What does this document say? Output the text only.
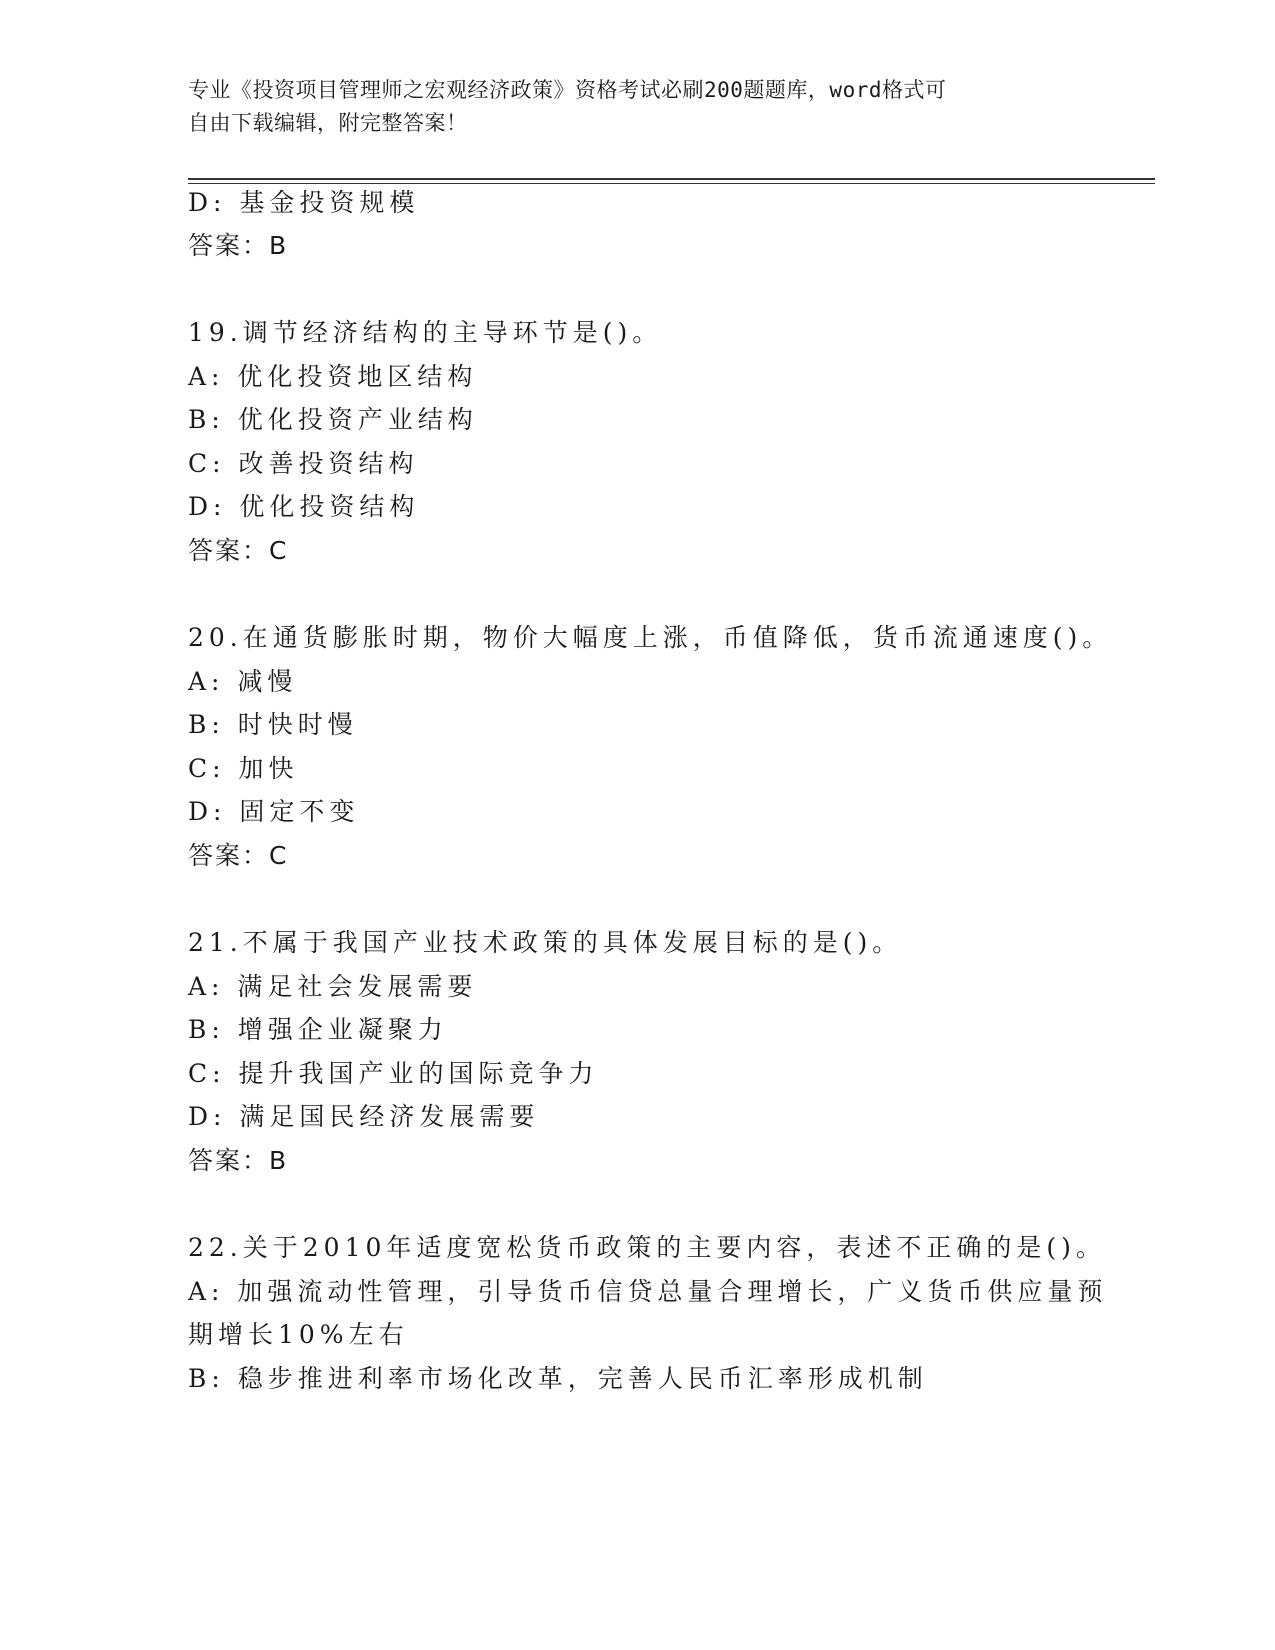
专业《投资项目管理师之宏观经济政策》资格考试必刷200题题库，word格式可
自由下载编辑，附完整答案！
D: 基金投资规模
答案：B
19.调节经济结构的主导环节是()。
A: 优化投资地区结构
B: 优化投资产业结构
C: 改善投资结构
D: 优化投资结构
答案：C
20.在通货膨胀时期，物价大幅度上涨，币值降低，货币流通速度()。
A: 减慢
B: 时快时慢
C: 加快
D: 固定不变
答案：C
21.不属于我国产业技术政策的具体发展目标的是()。
A: 满足社会发展需要
B: 增强企业凝聚力
C: 提升我国产业的国际竞争力
D: 满足国民经济发展需要
答案：B
22.关于2010年适度宽松货币政策的主要内容，表述不正确的是()。
A: 加强流动性管理，引导货币信贷总量合理增长，广义货币供应量预
期增长10%左右
B: 稳步推进利率市场化改革，完善人民币汇率形成机制
